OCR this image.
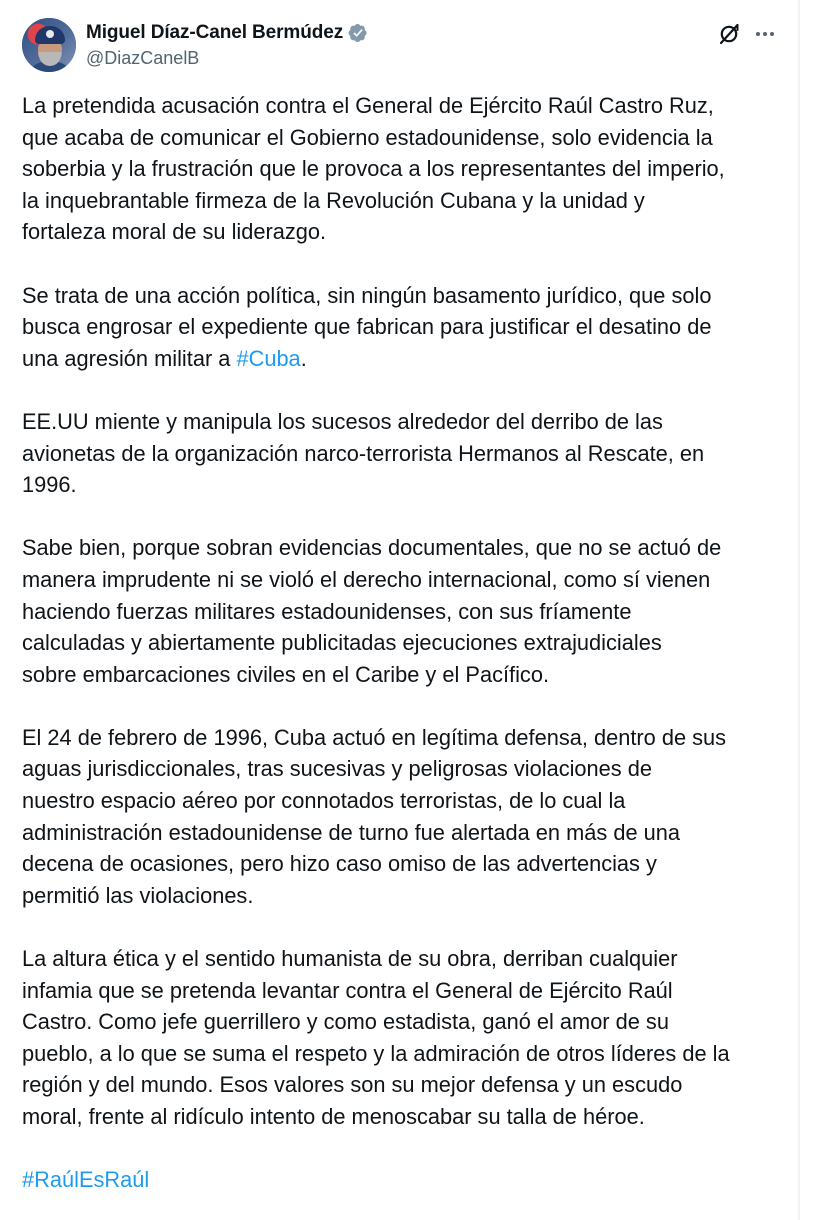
Miguel Díaz-Canel Bermúdez
@DiazCanelB

La pretendida acusación contra el General de Ejército Raúl Castro Ruz,
que acaba de comunicar el Gobierno estadounidense, solo evidencia la
soberbia y la frustración que le provoca a los representantes del imperio,
la inquebrantable firmeza de la Revolución Cubana y la unidad y
fortaleza moral de su liderazgo.

Se trata de una acción política, sin ningún basamento jurídico, que solo
busca engrosar el expediente que fabrican para justificar el desatino de
una agresión militar a #Cuba.

EE.UU miente y manipula los sucesos alrededor del derribo de las
avionetas de la organización narco-terrorista Hermanos al Rescate, en
1996.

Sabe bien, porque sobran evidencias documentales, que no se actuó de
manera imprudente ni se violó el derecho internacional, como sí vienen
haciendo fuerzas militares estadounidenses, con sus fríamente
calculadas y abiertamente publicitadas ejecuciones extrajudiciales
sobre embarcaciones civiles en el Caribe y el Pacífico.

El 24 de febrero de 1996, Cuba actuó en legítima defensa, dentro de sus
aguas jurisdiccionales, tras sucesivas y peligrosas violaciones de
nuestro espacio aéreo por connotados terroristas, de lo cual la
administración estadounidense de turno fue alertada en más de una
decena de ocasiones, pero hizo caso omiso de las advertencias y
permitió las violaciones.

La altura ética y el sentido humanista de su obra, derriban cualquier
infamia que se pretenda levantar contra el General de Ejército Raúl
Castro. Como jefe guerrillero y como estadista, ganó el amor de su
pueblo, a lo que se suma el respeto y la admiración de otros líderes de la
región y del mundo. Esos valores son su mejor defensa y un escudo
moral, frente al ridículo intento de menoscabar su talla de héroe.

#RaúlEsRaúl
